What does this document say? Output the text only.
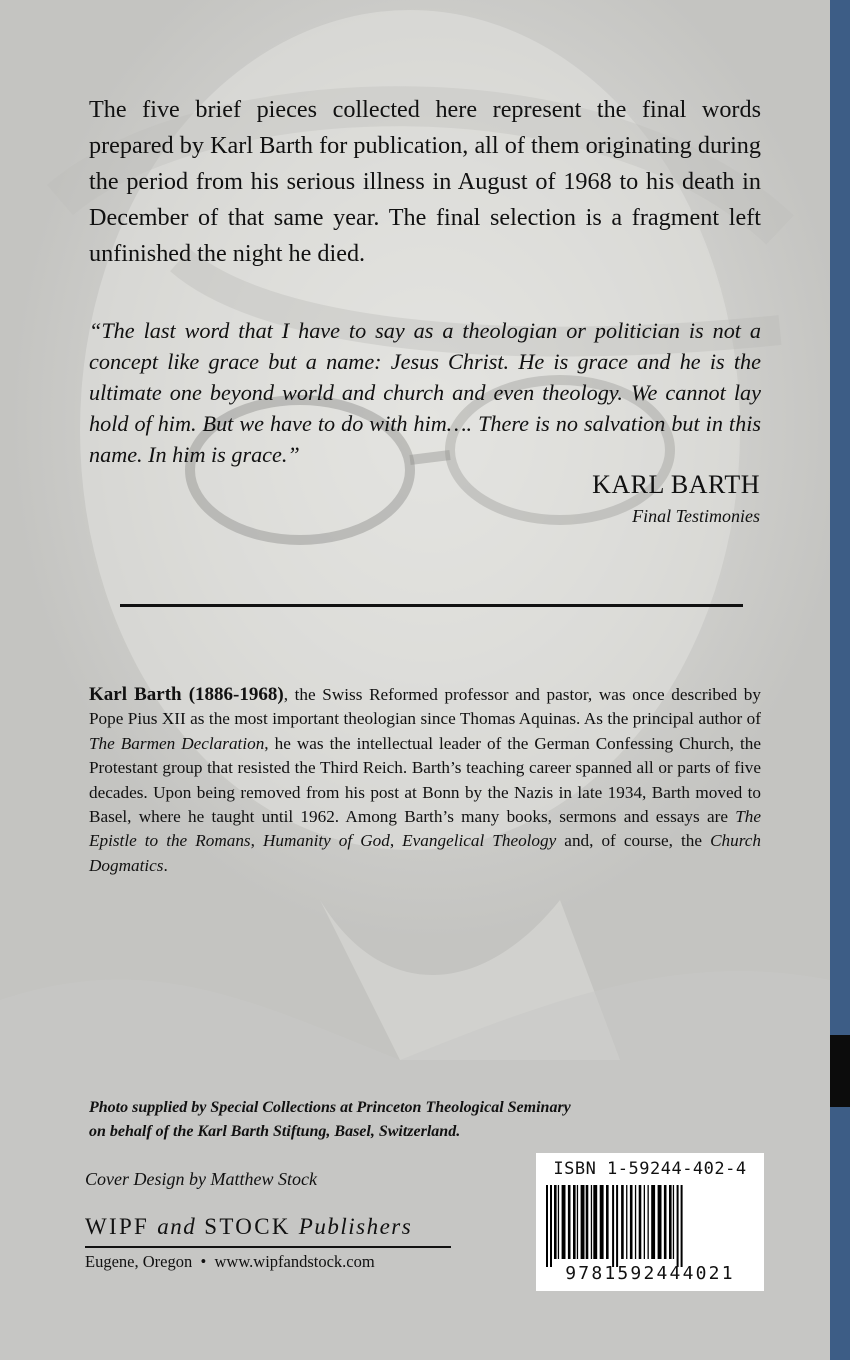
The five brief pieces collected here represent the final words prepared by Karl Barth for publication, all of them originating during the period from his serious illness in August of 1968 to his death in December of that same year. The final selection is a fragment left unfinished the night he died.

“The last word that I have to say as a theologian or politician is not a concept like grace but a name: Jesus Christ. He is grace and he is the ultimate one beyond world and church and even theology. We cannot lay hold of him. But we have to do with him…. There is no salvation but in this name. In him is grace.”

KARL BARTH
Final Testimonies

Karl Barth (1886-1968), the Swiss Reformed professor and pastor, was once described by Pope Pius XII as the most important theologian since Thomas Aquinas. As the principal author of The Barmen Declaration, he was the intellectual leader of the German Confessing Church, the Protestant group that resisted the Third Reich. Barth’s teaching career spanned all or parts of five decades. Upon being removed from his post at Bonn by the Nazis in late 1934, Barth moved to Basel, where he taught until 1962. Among Barth’s many books, sermons and essays are The Epistle to the Romans, Humanity of God, Evangelical Theology and, of course, the Church Dogmatics.

Photo supplied by Special Collections at Princeton Theological Seminary
on behalf of the Karl Barth Stiftung, Basel, Switzerland.

Cover Design by Matthew Stock
WIPF and STOCK Publishers
Eugene, Oregon  •  www.wipfandstock.com
ISBN 1-59244-402-4
9781592444021
